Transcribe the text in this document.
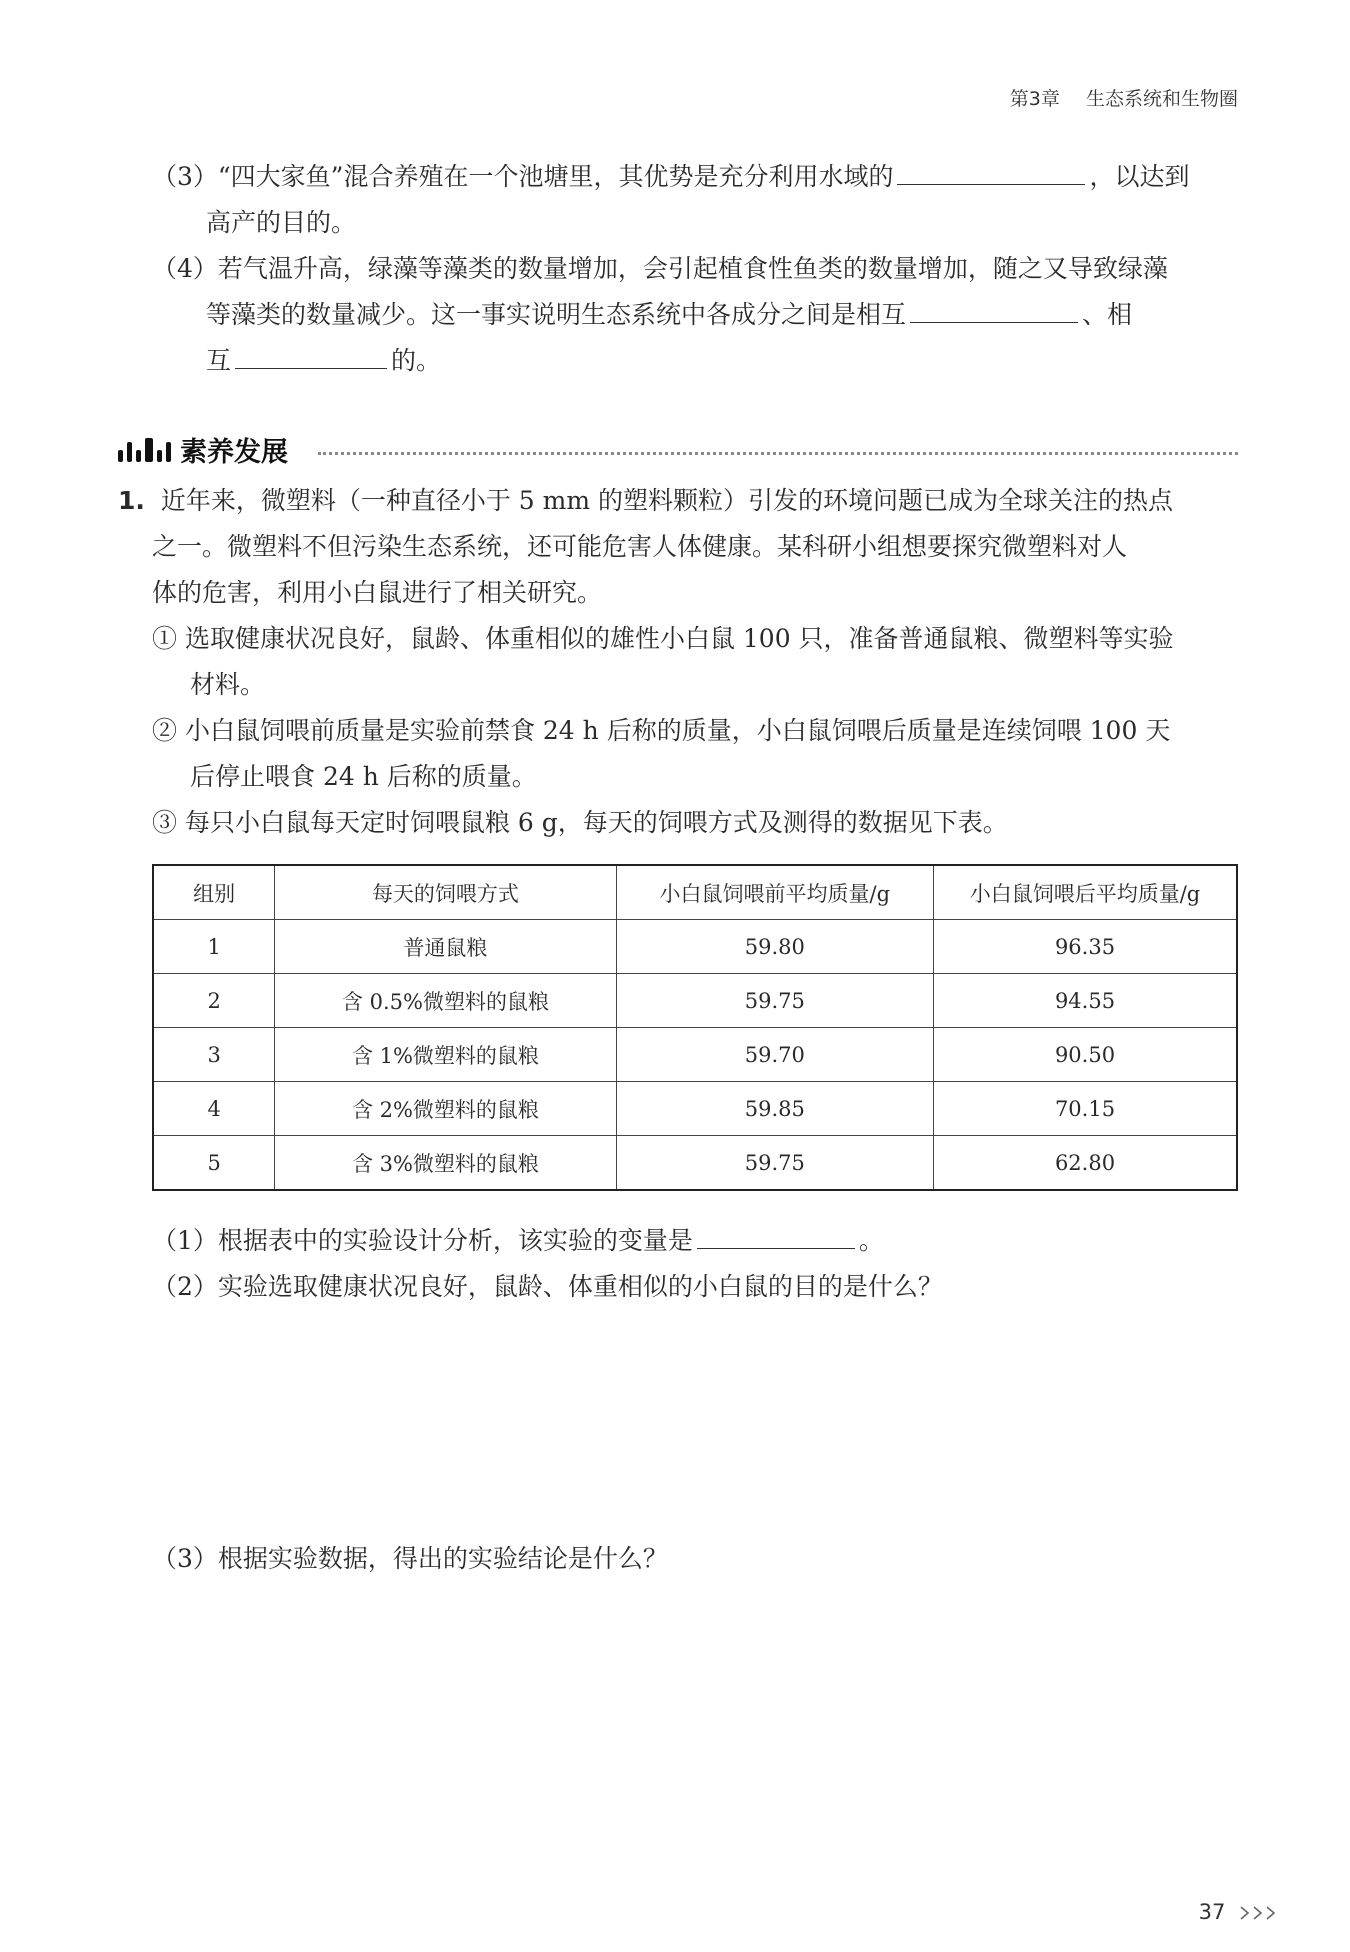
第3章 生态系统和生物圈
（3）“四大家鱼”混合养殖在一个池塘里，其优势是充分利用水域的	，以达到
高产的目的。
（4）若气温升高，绿藻等藻类的数量增加，会引起植食性鱼类的数量增加，随之又导致绿藻
等藻类的数量减少。这一事实说明生态系统中各成分之间是相互	、相
互	的。
素养发展
1. 近年来，微塑料（一种直径小于 5 mm 的塑料颗粒）引发的环境问题已成为全球关注的热点
之一。微塑料不但污染生态系统，还可能危害人体健康。某科研小组想要探究微塑料对人
体的危害，利用小白鼠进行了相关研究。
① 选取健康状况良好，鼠龄、体重相似的雄性小白鼠 100 只，准备普通鼠粮、微塑料等实验
材料。
② 小白鼠饲喂前质量是实验前禁食 24 h 后称的质量，小白鼠饲喂后质量是连续饲喂 100 天
后停止喂食 24 h 后称的质量。
③ 每只小白鼠每天定时饲喂鼠粮 6 g，每天的饲喂方式及测得的数据见下表。
组别	每天的饲喂方式	小白鼠饲喂前平均质量/g	小白鼠饲喂后平均质量/g
1	普通鼠粮	59.80	96.35
2	含 0.5%微塑料的鼠粮	59.75	94.55
3	含 1%微塑料的鼠粮	59.70	90.50
4	含 2%微塑料的鼠粮	59.85	70.15
5	含 3%微塑料的鼠粮	59.75	62.80
（1）根据表中的实验设计分析，该实验的变量是	。
（2）实验选取健康状况良好，鼠龄、体重相似的小白鼠的目的是什么？
（3）根据实验数据，得出的实验结论是什么？
37
